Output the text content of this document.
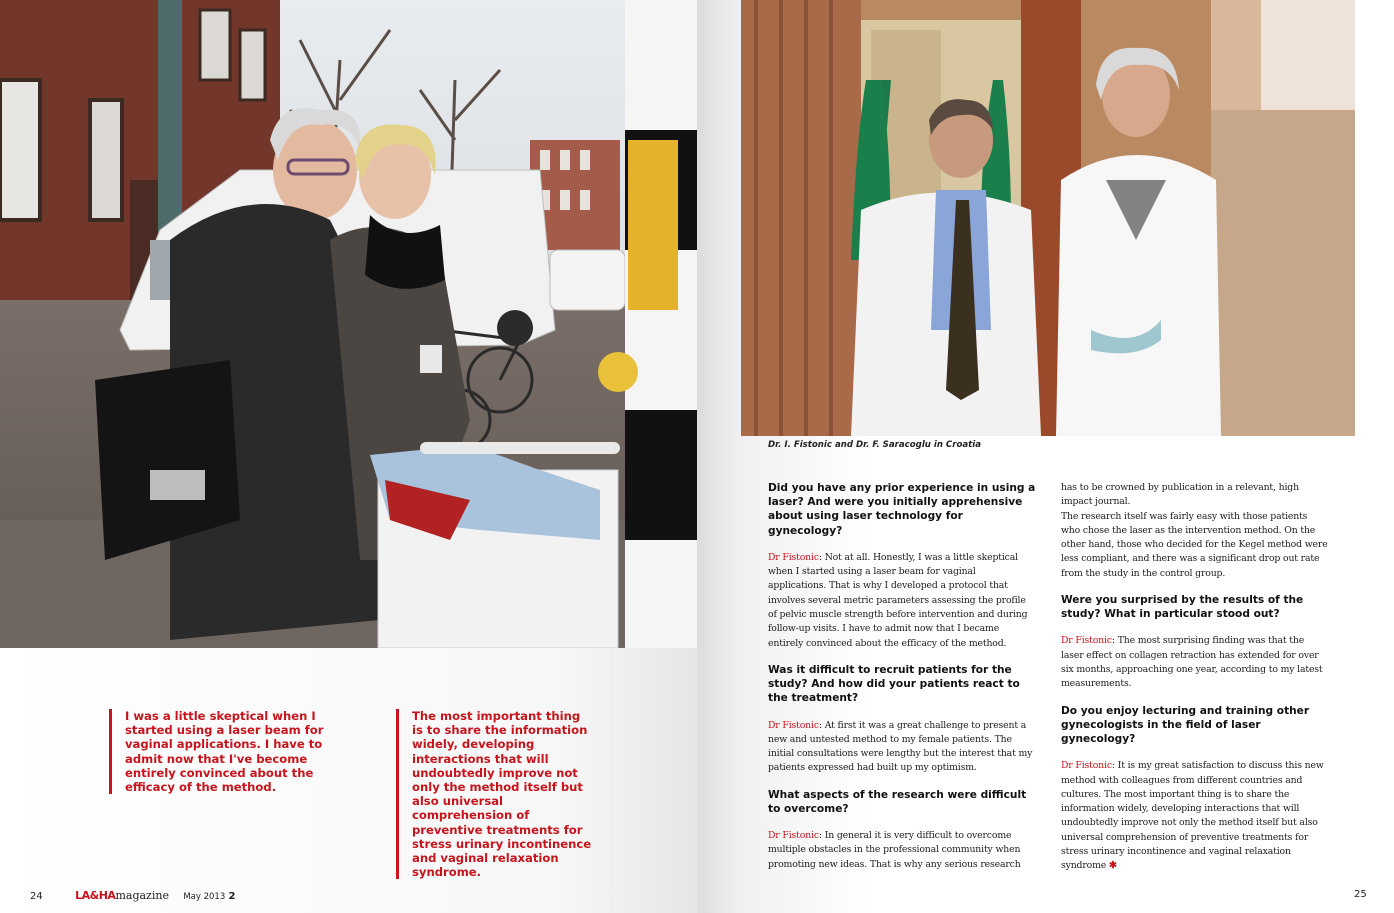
I was a little skeptical when I started using a laser beam for vaginal applications. I have to admit now that I've become entirely convinced about the efficacy of the method.
The most important thing is to share the information widely, developing interactions that will undoubtedly improve not only the method itself but also universal comprehension of preventive treatments for stress urinary incontinence and vaginal relaxation syndrome.
24	LA&HAmagazine May 2013 2
Dr. I. Fistonic and Dr. F. Saracoglu in Croatia

Did you have any prior experience in using a laser? And were you initially apprehensive about using laser technology for gynecology?

Dr Fistonic: Not at all. Honestly, I was a little skeptical when I started using a laser beam for vaginal applications. That is why I developed a protocol that involves several metric parameters assessing the profile of pelvic muscle strength before intervention and during follow-up visits. I have to admit now that I became entirely convinced about the efficacy of the method.

Was it difficult to recruit patients for the study? And how did your patients react to the treatment?

Dr Fistonic: At first it was a great challenge to present a new and untested method to my female patients. The initial consultations were lengthy but the interest that my patients expressed had built up my optimism.

What aspects of the research were difficult to overcome?

Dr Fistonic: In general it is very difficult to overcome multiple obstacles in the professional community when promoting new ideas. That is why any serious research

has to be crowned by publication in a relevant, high impact journal.

The research itself was fairly easy with those patients who chose the laser as the intervention method. On the other hand, those who decided for the Kegel method were less compliant, and there was a significant drop out rate from the study in the control group.

Were you surprised by the results of the study? What in particular stood out?

Dr Fistonic: The most surprising finding was that the laser effect on collagen retraction has extended for over six months, approaching one year, according to my latest measurements.

Do you enjoy lecturing and training other gynecologists in the field of laser gynecology?

Dr Fistonic: It is my great satisfaction to discuss this new method with colleagues from different countries and cultures. The most important thing is to share the information widely, developing interactions that will undoubtedly improve not only the method itself but also universal comprehension of preventive treatments for stress urinary incontinence and vaginal relaxation syndrome ✱

25
